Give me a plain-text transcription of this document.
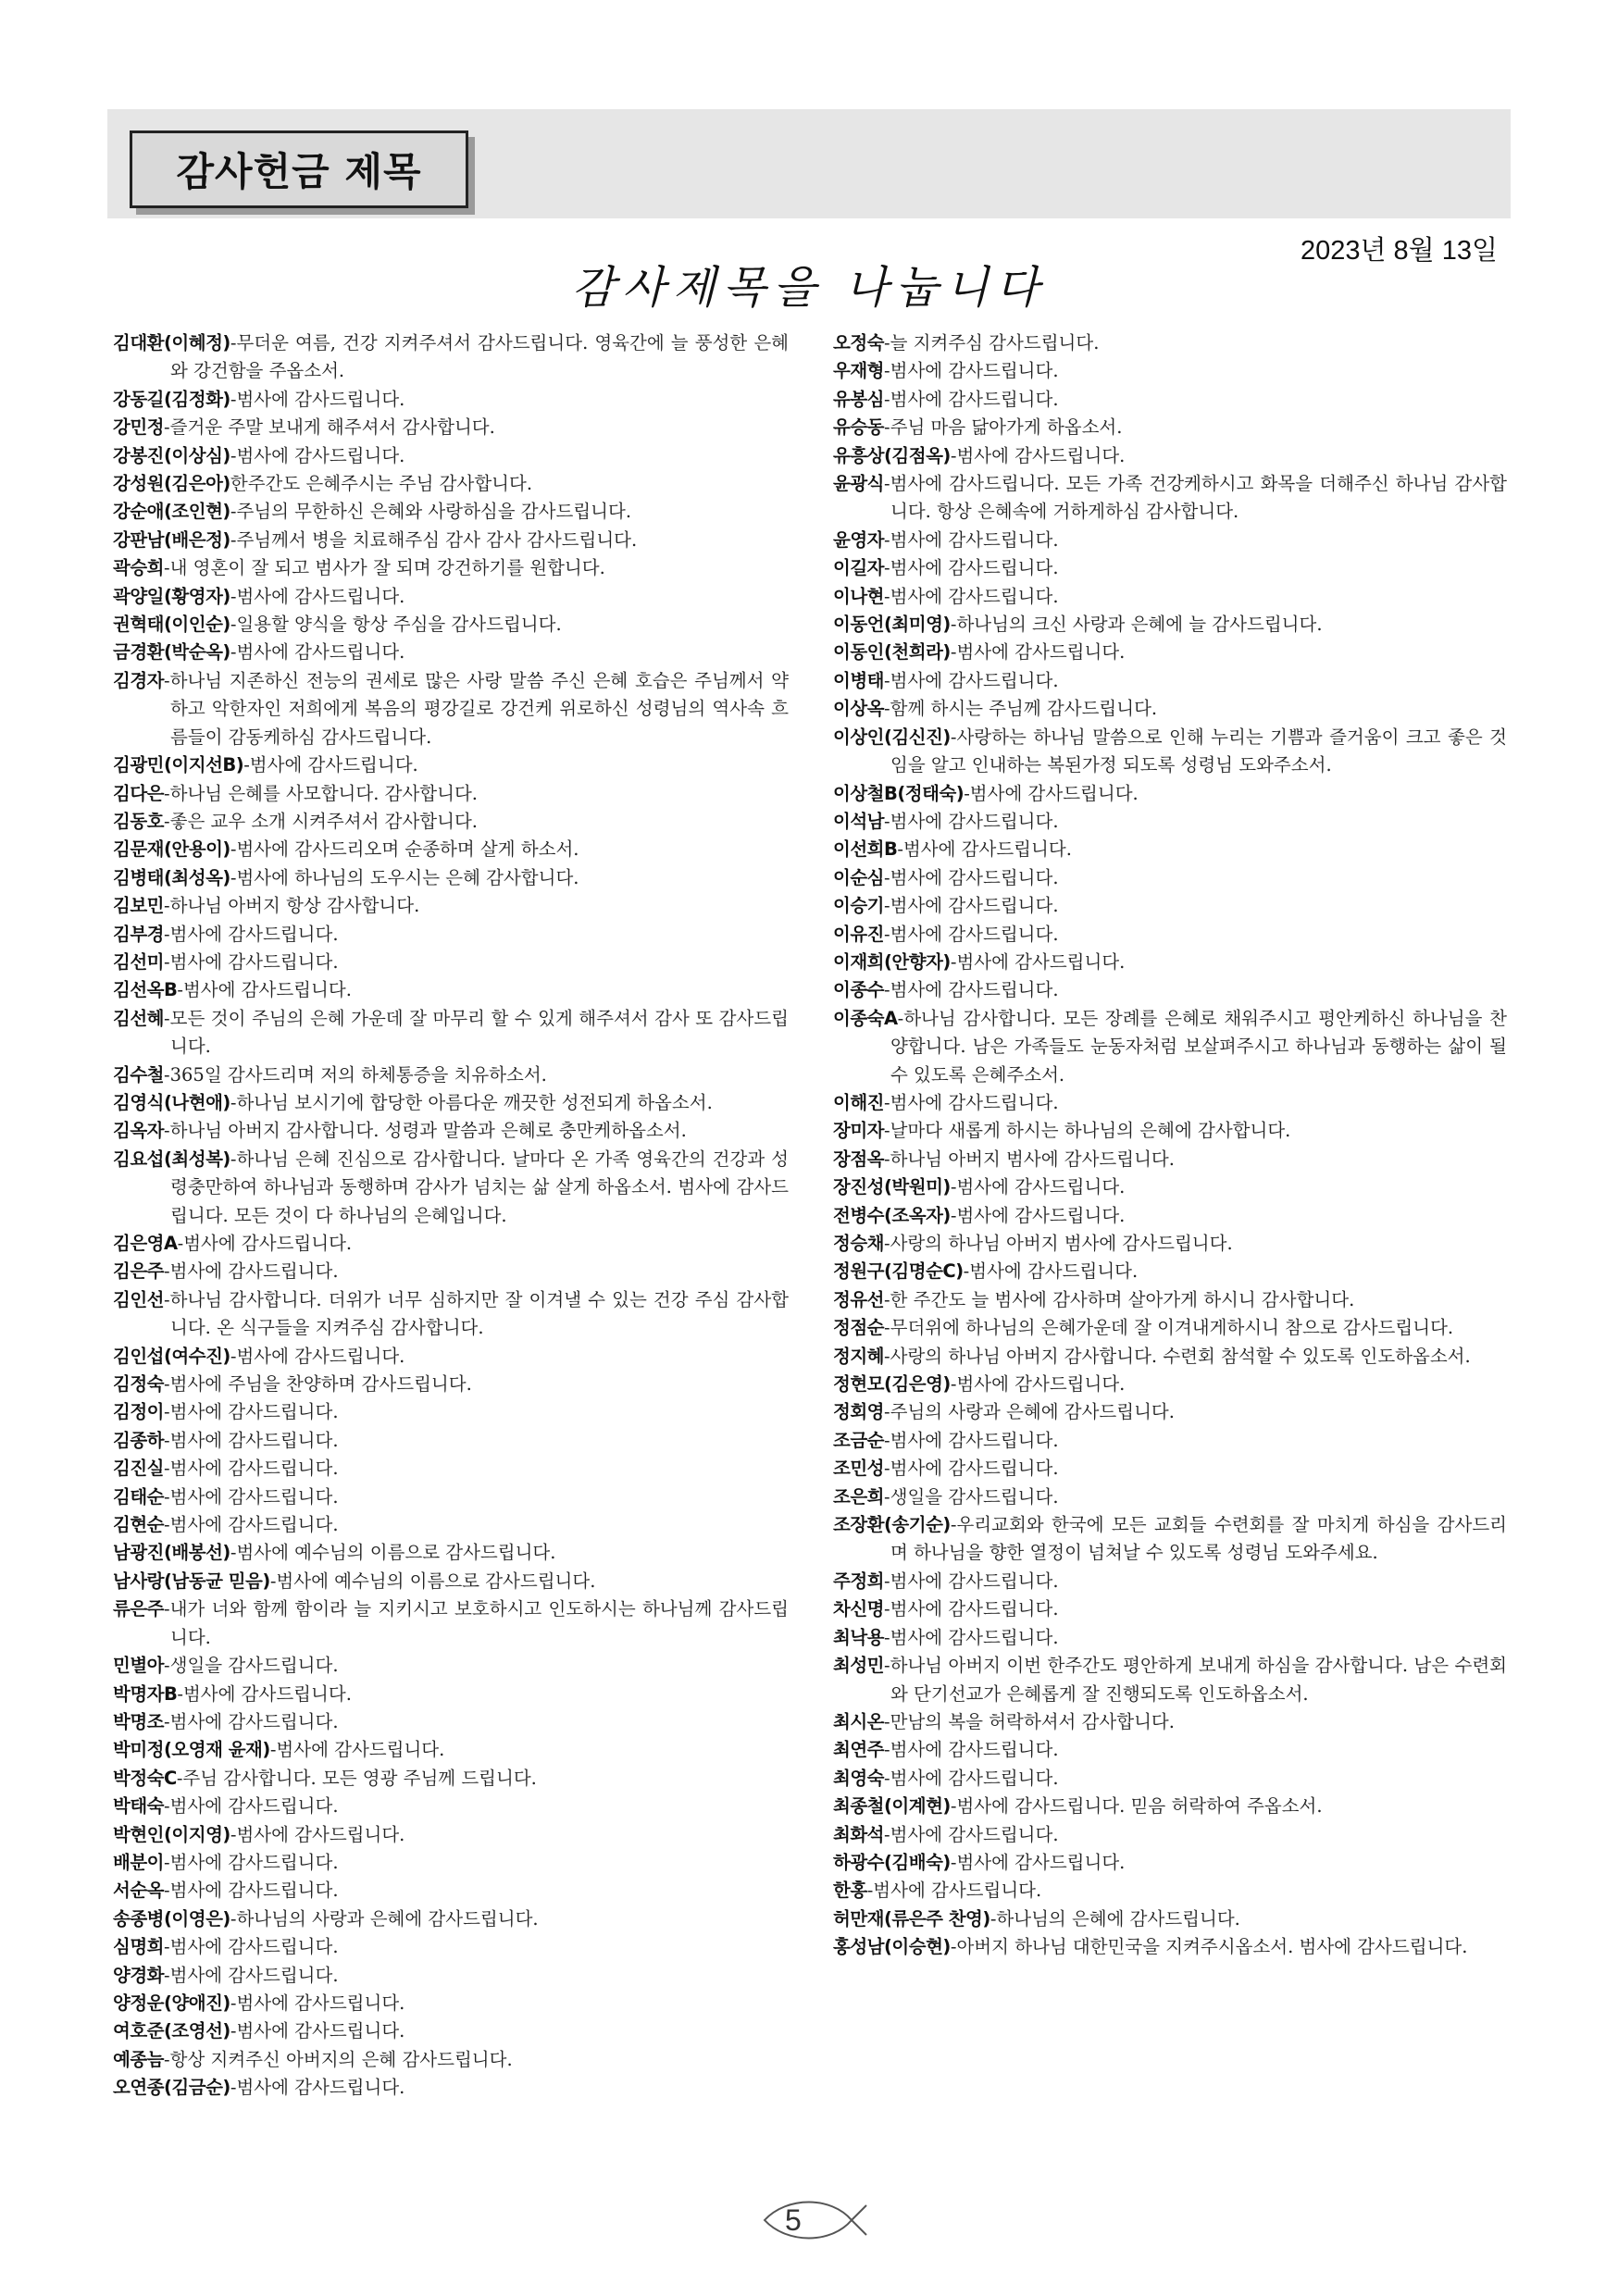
감사헌금 제목
2023년 8월 13일
감사제목을 나눕니다
김대환(이혜정)-무더운 여름, 건강 지켜주셔서 감사드립니다. 영육간에 늘 풍성한 은혜와 강건함을 주옵소서.
강동길(김정화)-범사에 감사드립니다.
강민정-즐거운 주말 보내게 해주셔서 감사합니다.
강봉진(이상심)-범사에 감사드립니다.
강성원(김은아)한주간도 은혜주시는 주님 감사합니다.
강순애(조인현)-주님의 무한하신 은혜와 사랑하심을 감사드립니다.
강판남(배은정)-주님께서 병을 치료해주심 감사 감사 감사드립니다.
곽승희-내 영혼이 잘 되고 범사가 잘 되며 강건하기를 원합니다.
곽양일(황영자)-범사에 감사드립니다.
권혁태(이인순)-일용할 양식을 항상 주심을 감사드립니다.
금경환(박순옥)-범사에 감사드립니다.
김경자-하나님 지존하신 전능의 권세로 많은 사랑 말씀 주신 은혜 호습은 주님께서 약하고 악한자인 저희에게 복음의 평강길로 강건케 위로하신 성령님의 역사속 흐름들이 감동케하심 감사드립니다.
김광민(이지선B)-범사에 감사드립니다.
김다은-하나님 은혜를 사모합니다. 감사합니다.
김동호-좋은 교우 소개 시켜주셔서 감사합니다.
김문재(안용이)-범사에 감사드리오며 순종하며 살게 하소서.
김병태(최성옥)-범사에 하나님의 도우시는 은혜 감사합니다.
김보민-하나님 아버지 항상 감사합니다.
김부경-범사에 감사드립니다.
김선미-범사에 감사드립니다.
김선옥B-범사에 감사드립니다.
김선혜-모든 것이 주님의 은혜 가운데 잘 마무리 할 수 있게 해주셔서 감사 또 감사드립니다.
김수철-365일 감사드리며 저의 하체통증을 치유하소서.
김영식(나현애)-하나님 보시기에 합당한 아름다운 깨끗한 성전되게 하옵소서.
김옥자-하나님 아버지 감사합니다. 성령과 말씀과 은혜로 충만케하옵소서.
김요섭(최성복)-하나님 은혜 진심으로 감사합니다. 날마다 온 가족 영육간의 건강과 성령충만하여 하나님과 동행하며 감사가 넘치는 삶 살게 하옵소서. 범사에 감사드립니다. 모든 것이 다 하나님의 은혜입니다.
김은영A-범사에 감사드립니다.
김은주-범사에 감사드립니다.
김인선-하나님 감사합니다. 더위가 너무 심하지만 잘 이겨낼 수 있는 건강 주심 감사합니다. 온 식구들을 지켜주심 감사합니다.
김인섭(여수진)-범사에 감사드립니다.
김정숙-범사에 주님을 찬양하며 감사드립니다.
김정이-범사에 감사드립니다.
김종하-범사에 감사드립니다.
김진실-범사에 감사드립니다.
김태순-범사에 감사드립니다.
김현순-범사에 감사드립니다.
남광진(배봉선)-범사에 예수님의 이름으로 감사드립니다.
남사랑(남동균 믿음)-범사에 예수님의 이름으로 감사드립니다.
류은주-내가 너와 함께 함이라 늘 지키시고 보호하시고 인도하시는 하나님께 감사드립니다.
민별아-생일을 감사드립니다.
박명자B-범사에 감사드립니다.
박명조-범사에 감사드립니다.
박미정(오영재 윤재)-범사에 감사드립니다.
박정숙C-주님 감사합니다. 모든 영광 주님께 드립니다.
박태숙-범사에 감사드립니다.
박현인(이지영)-범사에 감사드립니다.
배분이-범사에 감사드립니다.
서순옥-범사에 감사드립니다.
송종병(이영은)-하나님의 사랑과 은혜에 감사드립니다.
심명희-범사에 감사드립니다.
양경화-범사에 감사드립니다.
양정운(양애진)-범사에 감사드립니다.
여호준(조영선)-범사에 감사드립니다.
예종늠-항상 지켜주신 아버지의 은혜 감사드립니다.
오연종(김금순)-범사에 감사드립니다.
오정숙-늘 지켜주심 감사드립니다.
우재형-범사에 감사드립니다.
유봉심-범사에 감사드립니다.
유승동-주님 마음 닮아가게 하옵소서.
유흥상(김점옥)-범사에 감사드립니다.
윤광식-범사에 감사드립니다. 모든 가족 건강케하시고 화목을 더해주신 하나님 감사합니다. 항상 은혜속에 거하게하심 감사합니다.
윤영자-범사에 감사드립니다.
이길자-범사에 감사드립니다.
이나현-범사에 감사드립니다.
이동언(최미영)-하나님의 크신 사랑과 은혜에 늘 감사드립니다.
이동인(천희라)-범사에 감사드립니다.
이병태-범사에 감사드립니다.
이상옥-함께 하시는 주님께 감사드립니다.
이상인(김신진)-사랑하는 하나님 말씀으로 인해 누리는 기쁨과 즐거움이 크고 좋은 것임을 알고 인내하는 복된가정 되도록 성령님 도와주소서.
이상철B(정태숙)-범사에 감사드립니다.
이석남-범사에 감사드립니다.
이선희B-범사에 감사드립니다.
이순심-범사에 감사드립니다.
이승기-범사에 감사드립니다.
이유진-범사에 감사드립니다.
이재희(안향자)-범사에 감사드립니다.
이종수-범사에 감사드립니다.
이종숙A-하나님 감사합니다. 모든 장례를 은혜로 채워주시고 평안케하신 하나님을 찬양합니다. 남은 가족들도 눈동자처럼 보살펴주시고 하나님과 동행하는 삶이 될수 있도록 은혜주소서.
이해진-범사에 감사드립니다.
장미자-날마다 새롭게 하시는 하나님의 은혜에 감사합니다.
장점옥-하나님 아버지 범사에 감사드립니다.
장진성(박원미)-범사에 감사드립니다.
전병수(조옥자)-범사에 감사드립니다.
정승채-사랑의 하나님 아버지 범사에 감사드립니다.
정원구(김명순C)-범사에 감사드립니다.
정유선-한 주간도 늘 범사에 감사하며 살아가게 하시니 감사합니다.
정점순-무더위에 하나님의 은혜가운데 잘 이겨내게하시니 참으로 감사드립니다.
정지혜-사랑의 하나님 아버지 감사합니다. 수련회 참석할 수 있도록 인도하옵소서.
정현모(김은영)-범사에 감사드립니다.
정회영-주님의 사랑과 은혜에 감사드립니다.
조금순-범사에 감사드립니다.
조민성-범사에 감사드립니다.
조은희-생일을 감사드립니다.
조장환(송기순)-우리교회와 한국에 모든 교회들 수련회를 잘 마치게 하심을 감사드리며 하나님을 향한 열정이 넘쳐날 수 있도록 성령님 도와주세요.
주정희-범사에 감사드립니다.
차신명-범사에 감사드립니다.
최낙용-범사에 감사드립니다.
최성민-하나님 아버지 이번 한주간도 평안하게 보내게 하심을 감사합니다. 남은 수련회와 단기선교가 은혜롭게 잘 진행되도록 인도하옵소서.
최시온-만남의 복을 허락하셔서 감사합니다.
최연주-범사에 감사드립니다.
최영숙-범사에 감사드립니다.
최종철(이계현)-범사에 감사드립니다. 믿음 허락하여 주옵소서.
최화석-범사에 감사드립니다.
하광수(김배숙)-범사에 감사드립니다.
한홍-범사에 감사드립니다.
허만재(류은주 찬영)-하나님의 은혜에 감사드립니다.
홍성남(이승현)-아버지 하나님 대한민국을 지켜주시옵소서. 범사에 감사드립니다.
5
